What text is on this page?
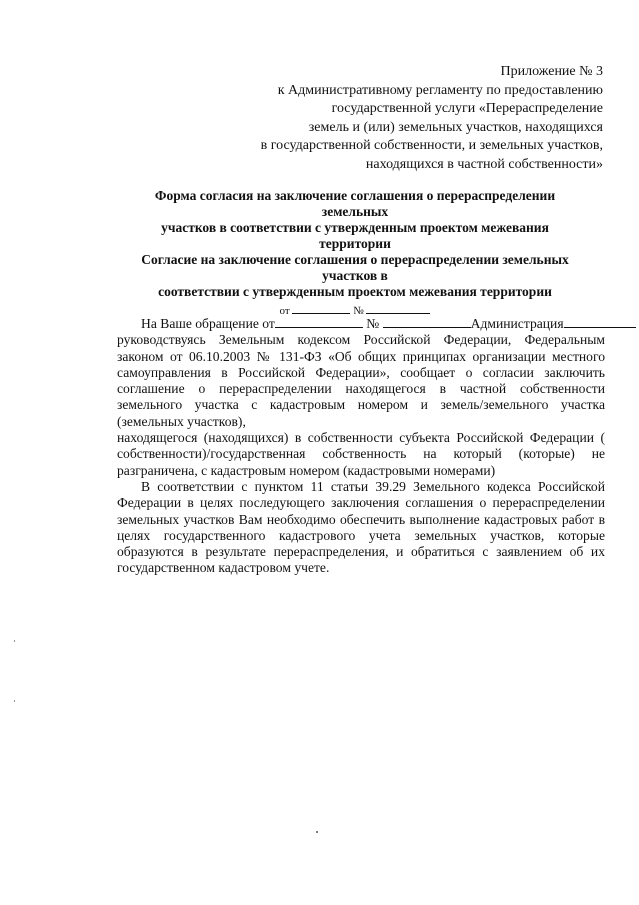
Приложение № 3
к Административному регламенту по предоставлению
государственной услуги «Перераспределение
земель и (или) земельных участков, находящихся
в государственной собственности, и земельных участков,
находящихся в частной собственности»
Форма согласия на заключение соглашения о перераспределении
земельных
участков в соответствии с утвержденным проектом межевания
территории
Согласие на заключение соглашения о перераспределении земельных
участков в
соответствии с утвержденным проектом межевания территории
от	№

На Ваше обращение от	№	Администрация

руководствуясь Земельным кодексом Российской Федерации, Федеральным

законом от 06.10.2003 № 131-ФЗ «Об общих принципах организации местного

самоуправления в Российской Федерации», сообщает о согласии заключить

соглашение о перераспределении находящегося в частной собственности

земельного участка с кадастровым номером и земель/земельного участка

(земельных участков),

находящегося (находящихся) в собственности субъекта Российской Федерации (

собственности)/государственная собственность на который (которые) не

разграничена, с кадастровым номером (кадастровыми номерами)

В соответствии с пунктом 11 статьи 39.29 Земельного кодекса Российской

Федерации в целях последующего заключения соглашения о перераспределении

земельных участков Вам необходимо обеспечить выполнение кадастровых работ в

целях государственного кадастрового учета земельных участков, которые

образуются в результате перераспределения, и обратиться с заявлением об их

государственном кадастровом учете.
